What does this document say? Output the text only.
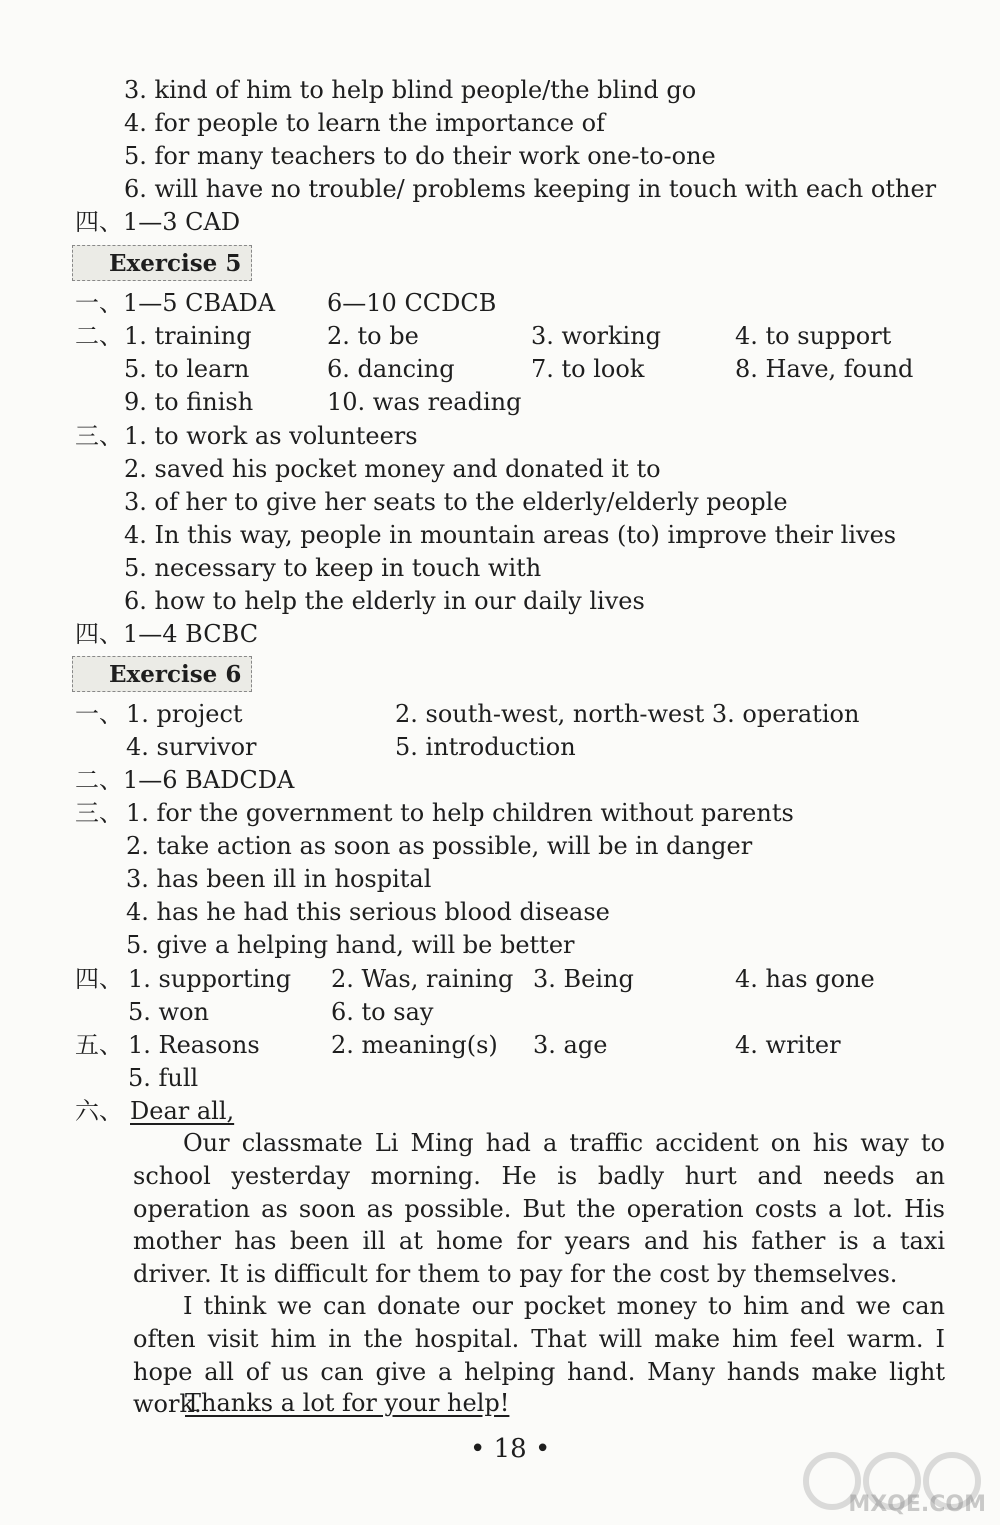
3. kind of him to help blind people/the blind go
4. for people to learn the importance of
5. for many teachers to do their work one-to-one
6. will have no trouble/ problems keeping in touch with each other
四、1—3 CAD
Exercise 5
一、1—5 CBADA 6—10 CCDCB
二、 1. training	2. to be	3. working	4. to support
5. to learn	6. dancing	7. to look	8. Have, found
9. to finish	10. was reading
三、 1. to work as volunteers
2. saved his pocket money and donated it to
3. of her to give her seats to the elderly/elderly people
4. In this way, people in mountain areas (to) improve their lives
5. necessary to keep in touch with
6. how to help the elderly in our daily lives
四、1—4 BCBC
Exercise 6
一、 1. project	2. south-west, north-west 3. operation
4. survivor	5. introduction
二、1—6 BADCDA
三、 1. for the government to help children without parents
2. take action as soon as possible, will be in danger
3. has been ill in hospital
4. has he had this serious blood disease
5. give a helping hand, will be better
四、 1. supporting 2. Was, raining 3. Being	4. has gone
5. won	6. to say
五、 1. Reasons	2. meaning(s) 3. age	4. writer
5. full
六、 Dear all,
Our classmate Li Ming had a traffic accident on his way to school yesterday morning. He is badly hurt and needs an operation as soon as possible. But the operation costs a lot. His mother has been ill at home for years and his father is a taxi driver. It is difficult for them to pay for the cost by themselves.
I think we can donate our pocket money to him and we can often visit him in the hospital. That will make him feel warm. I hope all of us can give a helping hand. Many hands make light work.
Thanks a lot for your help!
• 18 •
MXQE.COM
